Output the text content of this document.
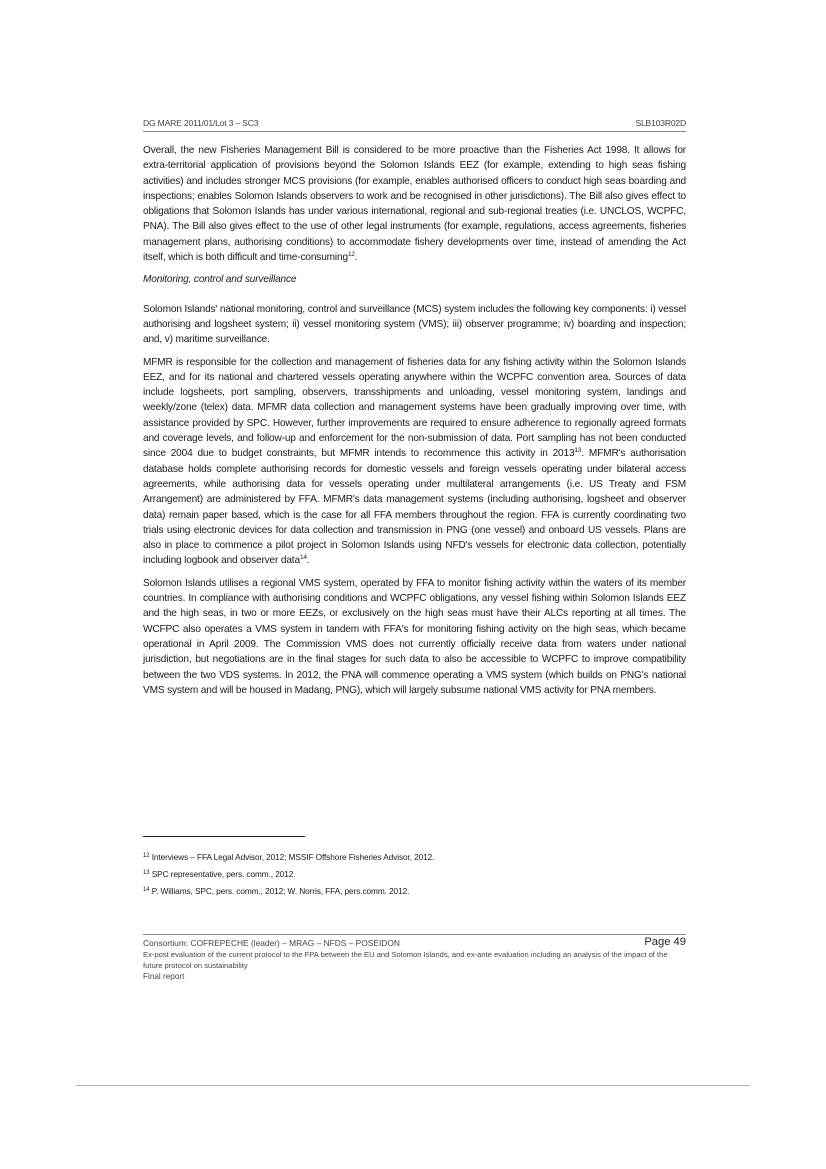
DG MARE 2011/01/Lot 3 – SC3	SLB103R02D

Overall, the new Fisheries Management Bill is considered to be more proactive than the Fisheries Act 1998. It allows for extra-territorial application of provisions beyond the Solomon Islands EEZ (for example, extending to high seas fishing activities) and includes stronger MCS provisions (for example, enables authorised officers to conduct high seas boarding and inspections; enables Solomon Islands observers to work and be recognised in other jurisdictions). The Bill also gives effect to obligations that Solomon Islands has under various international, regional and sub-regional treaties (i.e. UNCLOS, WCPFC, PNA). The Bill also gives effect to the use of other legal instruments (for example, regulations, access agreements, fisheries management plans, authorising conditions) to accommodate fishery developments over time, instead of amending the Act itself, which is both difficult and time-consuming$^{12}$.

Monitoring, control and surveillance

Solomon Islands' national monitoring, control and surveillance (MCS) system includes the following key components: i) vessel authorising and logsheet system; ii) vessel monitoring system (VMS); iii) observer programme; iv) boarding and inspection; and, v) maritime surveillance.

MFMR is responsible for the collection and management of fisheries data for any fishing activity within the Solomon Islands EEZ, and for its national and chartered vessels operating anywhere within the WCPFC convention area. Sources of data include logsheets, port sampling, observers, transshipments and unloading, vessel monitoring system, landings and weekly/zone (telex) data. MFMR data collection and management systems have been gradually improving over time, with assistance provided by SPC. However, further improvements are required to ensure adherence to regionally agreed formats and coverage levels, and follow-up and enforcement for the non-submission of data. Port sampling has not been conducted since 2004 due to budget constraints, but MFMR intends to recommence this activity in 2013$^{13}$. MFMR's authorisation database holds complete authorising records for domestic vessels and foreign vessels operating under bilateral access agreements, while authorising data for vessels operating under multilateral arrangements (i.e. US Treaty and FSM Arrangement) are administered by FFA. MFMR's data management systems (including authorising, logsheet and observer data) remain paper based, which is the case for all FFA members throughout the region. FFA is currently coordinating two trials using electronic devices for data collection and transmission in PNG (one vessel) and onboard US vessels. Plans are also in place to commence a pilot project in Solomon Islands using NFD's vessels for electronic data collection, potentially including logbook and observer data$^{14}$.

Solomon Islands utilises a regional VMS system, operated by FFA to monitor fishing activity within the waters of its member countries. In compliance with authorising conditions and WCPFC obligations, any vessel fishing within Solomon Islands EEZ and the high seas, in two or more EEZs, or exclusively on the high seas must have their ALCs reporting at all times. The WCFPC also operates a VMS system in tandem with FFA's for monitoring fishing activity on the high seas, which became operational in April 2009. The Commission VMS does not currently officially receive data from waters under national jurisdiction, but negotiations are in the final stages for such data to also be accessible to WCPFC to improve compatibility between the two VDS systems. In 2012, the PNA will commence operating a VMS system (which builds on PNG's national VMS system and will be housed in Madang, PNG), which will largely subsume national VMS activity for PNA members.

$^{12}$ Interviews – FFA Legal Advisor, 2012; MSSIF Offshore Fisheries Advisor, 2012.

$^{13}$ SPC representative, pers. comm., 2012.

$^{14}$ P. Williams, SPC, pers. comm., 2012; W. Norris, FFA, pers.comm. 2012.

Consortium: COFREPECHE (leader) – MRAG – NFDS – POSEIDON	Page 49
Ex-post evaluation of the current protocol to the FPA between the EU and Solomon Islands, and ex-ante evaluation including an analysis of the impact of the future protocol on sustainability
Final report
